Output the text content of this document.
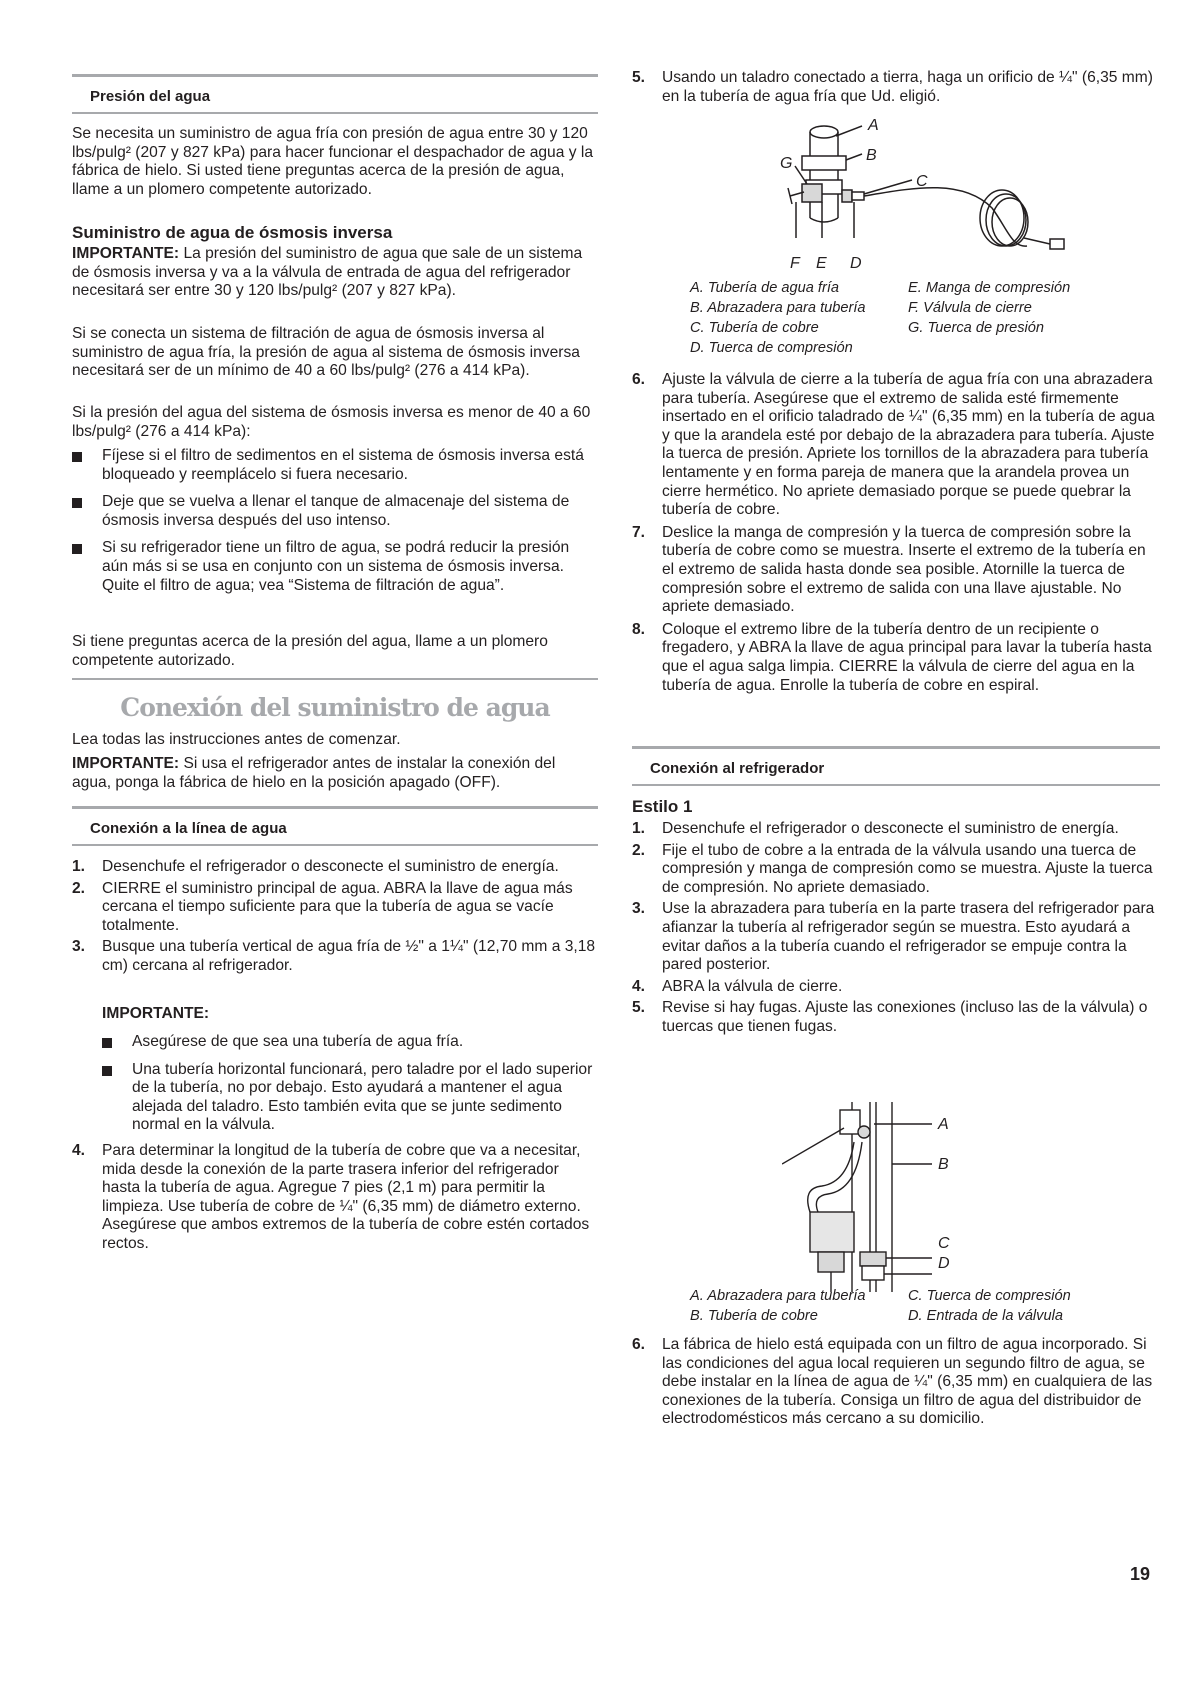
Presión del agua

Se necesita un suministro de agua fría con presión de agua entre 30 y 120 lbs/pulg² (207 y 827 kPa) para hacer funcionar el despachador de agua y la fábrica de hielo. Si usted tiene preguntas acerca de la presión de agua, llame a un plomero competente autorizado.

Suministro de agua de ósmosis inversa

IMPORTANTE: La presión del suministro de agua que sale de un sistema de ósmosis inversa y va a la válvula de entrada de agua del refrigerador necesitará ser entre 30 y 120 lbs/pulg² (207 y 827 kPa).

Si se conecta un sistema de filtración de agua de ósmosis inversa al suministro de agua fría, la presión de agua al sistema de ósmosis inversa necesitará ser de un mínimo de 40 a 60 lbs/pulg² (276 a 414 kPa).

Si la presión del agua del sistema de ósmosis inversa es menor de 40 a 60 lbs/pulg² (276 a 414 kPa):

Fíjese si el filtro de sedimentos en el sistema de ósmosis inversa está bloqueado y reemplácelo si fuera necesario.
Deje que se vuelva a llenar el tanque de almacenaje del sistema de ósmosis inversa después del uso intenso.
Si su refrigerador tiene un filtro de agua, se podrá reducir la presión aún más si se usa en conjunto con un sistema de ósmosis inversa. Quite el filtro de agua; vea “Sistema de filtración de agua”.

Si tiene preguntas acerca de la presión del agua, llame a un plomero competente autorizado.

Conexión del suministro de agua

Lea todas las instrucciones antes de comenzar.

IMPORTANTE: Si usa el refrigerador antes de instalar la conexión del agua, ponga la fábrica de hielo en la posición apagado (OFF).

Conexión a la línea de agua
1. Desenchufe el refrigerador o desconecte el suministro de energía.
2. CIERRE el suministro principal de agua. ABRA la llave de agua más cercana el tiempo suficiente para que la tubería de agua se vacíe totalmente.
3. Busque una tubería vertical de agua fría de ½" a 1¼" (12,70 mm a 3,18 cm) cercana al refrigerador.
IMPORTANTE:
Asegúrese de que sea una tubería de agua fría.
Una tubería horizontal funcionará, pero taladre por el lado superior de la tubería, no por debajo. Esto ayudará a mantener el agua alejada del taladro. Esto también evita que se junte sedimento normal en la válvula.
4. Para determinar la longitud de la tubería de cobre que va a necesitar, mida desde la conexión de la parte trasera inferior del refrigerador hasta la tubería de agua. Agregue 7 pies (2,1 m) para permitir la limpieza. Use tubería de cobre de ¼" (6,35 mm) de diámetro externo. Asegúrese que ambos extremos de la tubería de cobre estén cortados rectos.
5. Usando un taladro conectado a tierra, haga un orificio de ¼" (6,35 mm) en la tubería de agua fría que Ud. eligió.
A
B
C
D
E
F
G
A. Tubería de agua fría	E. Manga de compresión
B. Abrazadera para tubería	F. Válvula de cierre
C. Tubería de cobre	G. Tuerca de presión
D. Tuerca de compresión
6. Ajuste la válvula de cierre a la tubería de agua fría con una abrazadera para tubería. Asegúrese que el extremo de salida esté firmemente insertado en el orificio taladrado de ¼" (6,35 mm) en la tubería de agua y que la arandela esté por debajo de la abrazadera para tubería. Ajuste la tuerca de presión. Apriete los tornillos de la abrazadera para tubería lentamente y en forma pareja de manera que la arandela provea un cierre hermético. No apriete demasiado porque se puede quebrar la tubería de cobre.
7. Deslice la manga de compresión y la tuerca de compresión sobre la tubería de cobre como se muestra. Inserte el extremo de la tubería en el extremo de salida hasta donde sea posible. Atornille la tuerca de compresión sobre el extremo de salida con una llave ajustable. No apriete demasiado.
8. Coloque el extremo libre de la tubería dentro de un recipiente o fregadero, y ABRA la llave de agua principal para lavar la tubería hasta que el agua salga limpia. CIERRE la válvula de cierre del agua en la tubería de agua. Enrolle la tubería de cobre en espiral.
Conexión al refrigerador
Estilo 1
1. Desenchufe el refrigerador o desconecte el suministro de energía.
2. Fije el tubo de cobre a la entrada de la válvula usando una tuerca de compresión y manga de compresión como se muestra. Ajuste la tuerca de compresión. No apriete demasiado.
3. Use la abrazadera para tubería en la parte trasera del refrigerador para afianzar la tubería al refrigerador según se muestra. Esto ayudará a evitar daños a la tubería cuando el refrigerador se empuje contra la pared posterior.
4. ABRA la válvula de cierre.
5. Revise si hay fugas. Ajuste las conexiones (incluso las de la válvula) o tuercas que tienen fugas.
A
B
C
D
A. Abrazadera para tubería	C. Tuerca de compresión
B. Tubería de cobre	D. Entrada de la válvula
6. La fábrica de hielo está equipada con un filtro de agua incorporado. Si las condiciones del agua local requieren un segundo filtro de agua, se debe instalar en la línea de agua de ¼" (6,35 mm) en cualquiera de las conexiones de la tubería. Consiga un filtro de agua del distribuidor de electrodomésticos más cercano a su domicilio.
19
